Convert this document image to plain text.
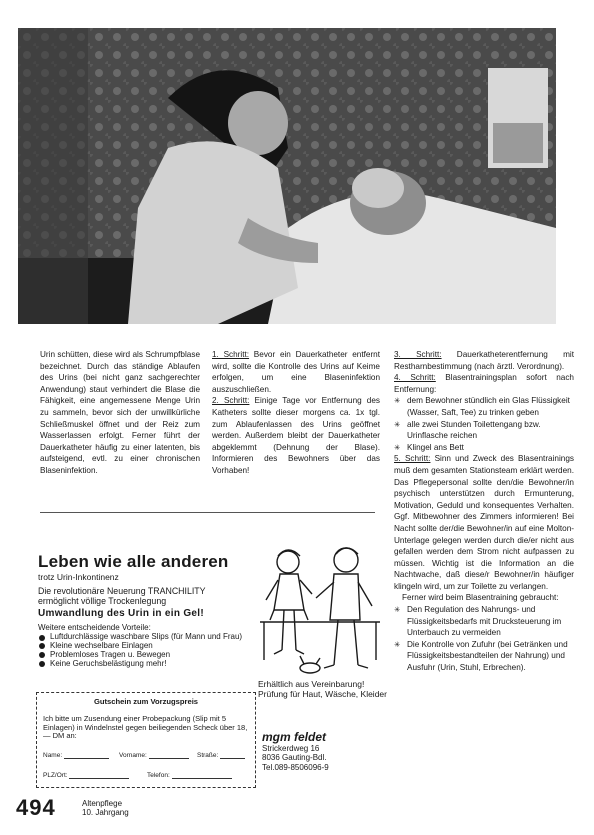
Urin schütten, diese wird als Schrumpfblase bezeichnet. Durch das ständige Ablaufen des Urins (bei nicht ganz sachgerechter Anwendung) staut verhindert die Blase die Fähigkeit, eine angemessene Menge Urin zu sammeln, bevor sich der unwillkürliche Schließmuskel öffnet und der Reiz zum Wasserlassen erfolgt. Ferner führt der Dauerkatheter häufig zu einer latenten, bis aufsteigend, evtl. zu einer chronischen Blaseninfektion.

1. Schritt: Bevor ein Dauerkatheter entfernt wird, sollte die Kontrolle des Urins auf Keime erfolgen, um eine Blaseninfektion auszuschließen.

2. Schritt: Einige Tage vor Entfernung des Katheters sollte dieser morgens ca. 1x tgl. zum Ablaufenlassen des Urins geöffnet werden. Außerdem bleibt der Dauerkatheter abgeklemmt (Dehnung der Blase). Informieren des Bewohners über das Vorhaben!

3. Schritt: Dauerkatheterentfernung mit Restharnbestimmung (nach ärztl. Verordnung).

4. Schritt: Blasentrainingsplan sofort nach Entfernung:

✳ dem Bewohner stündlich ein Glas Flüssigkeit (Wasser, Saft, Tee) zu trinken geben
✳ alle zwei Stunden Toilettengang bzw. Urinflasche reichen
✳ Klingel ans Bett

5. Schritt: Sinn und Zweck des Blasentrainings muß dem gesamten Stationsteam erklärt werden. Das Pflegepersonal sollte den/die Bewohner/in psychisch unterstützen durch Ermunterung, Motivation, Geduld und konsequentes Verhalten. Ggf. Mitbewohner des Zimmers informieren! Bei Nacht sollte der/die Bewohner/in auf eine Molton-Unterlage gelegen werden durch die/er nicht aus gefallen werden dem Strom nicht aufpassen zu müssen. Wichtig ist die Information an die Nachtwache, daß diese/r Bewohner/in häufiger klingeln wird, um zur Toilette zu verlangen.

Ferner wird beim Blasentraining gebraucht:

✳ Den Regulation des Nahrungs- und Flüssigkeitsbedarfs mit Drucksteuerung im Unterbauch zu vermeiden
✳ Die Kontrolle von Zufuhr (bei Getränken und Flüssigkeitsbestandteilen der Nahrung) und Ausfuhr (Urin, Stuhl, Erbrechen).
Leben wie alle anderen
trotz Urin-Inkontinenz
Die revolutionäre Neuerung TRANCHILITY ermöglicht völlige Trockenlegung
Umwandlung des Urin in ein Gel!
Weitere entscheidende Vorteile:
Luftdurchlässige waschbare Slips (für Mann und Frau)
Kleine wechselbare Einlagen
Problemloses Tragen u. Bewegen
Keine Geruchsbelästigung mehr!
Gutschein zum Vorzugspreis
Ich bitte um Zusendung einer Probepackung (Slip mit 5 Einlagen) in Windelnstel gegen beiliegenden Scheck über 18,— DM an:
Name:	Vorname:	Straße:
PLZ/Ort:	Telefon:
Erhältlich aus Vereinbarung! Prüfung für Haut, Wäsche, Kleider
mgm feldet
Strickerdweg 16
8036 Gauting-Bdl.
Tel.089-8506096-9
494	Altenpflege
10. Jahrgang
